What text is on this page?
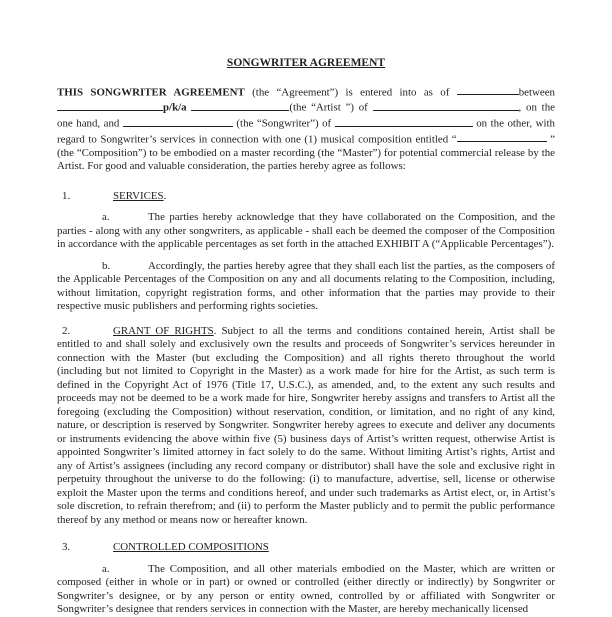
SONGWRITER AGREEMENT

THIS SONGWRITER AGREEMENT (the “Agreement”) is entered into as of	between p/k/a	(the “Artist ”) of	, on the one hand, and	(the “Songwriter”) of	on the other, with regard to Songwriter’s services in connection with one (1) musical composition entitled “	” (the “Composition”) to be embodied on a master recording (the “Master”) for potential commercial release by the Artist. For good and valuable consideration, the parties hereby agree as follows:

1.	SERVICES.

a.	The parties hereby acknowledge that they have collaborated on the Composition, and the parties - along with any other songwriters, as applicable - shall each be deemed the composer of the Composition in accordance with the applicable percentages as set forth in the attached EXHIBIT A (“Applicable Percentages”).

b.	Accordingly, the parties hereby agree that they shall each list the parties, as the composers of the Applicable Percentages of the Composition on any and all documents relating to the Composition, including, without limitation, copyright registration forms, and other information that the parties may provide to their respective music publishers and performing rights societies.

2.	GRANT OF RIGHTS. Subject to all the terms and conditions contained herein, Artist shall be entitled to and shall solely and exclusively own the results and proceeds of Songwriter’s services hereunder in connection with the Master (but excluding the Composition) and all rights thereto throughout the world (including but not limited to Copyright in the Master) as a work made for hire for the Artist, as such term is defined in the Copyright Act of 1976 (Title 17, U.S.C.), as amended, and, to the extent any such results and proceeds may not be deemed to be a work made for hire, Songwriter hereby assigns and transfers to Artist all the foregoing (excluding the Composition) without reservation, condition, or limitation, and no right of any kind, nature, or description is reserved by Songwriter. Songwriter hereby agrees to execute and deliver any documents or instruments evidencing the above within five (5) business days of Artist’s written request, otherwise Artist is appointed Songwriter’s limited attorney in fact solely to do the same. Without limiting Artist’s rights, Artist and any of Artist’s assignees (including any record company or distributor) shall have the sole and exclusive right in perpetuity throughout the universe to do the following: (i) to manufacture, advertise, sell, license or otherwise exploit the Master upon the terms and conditions hereof, and under such trademarks as Artist elect, or, in Artist’s sole discretion, to refrain therefrom; and (ii) to perform the Master publicly and to permit the public performance thereof by any method or means now or hereafter known.

3.	CONTROLLED COMPOSITIONS

a.	The Composition, and all other materials embodied on the Master, which are written or composed (either in whole or in part) or owned or controlled (either directly or indirectly) by Songwriter or Songwriter’s designee, or by any person or entity owned, controlled by or affiliated with Songwriter or Songwriter’s designee that renders services in connection with the Master, are hereby mechanically licensed
